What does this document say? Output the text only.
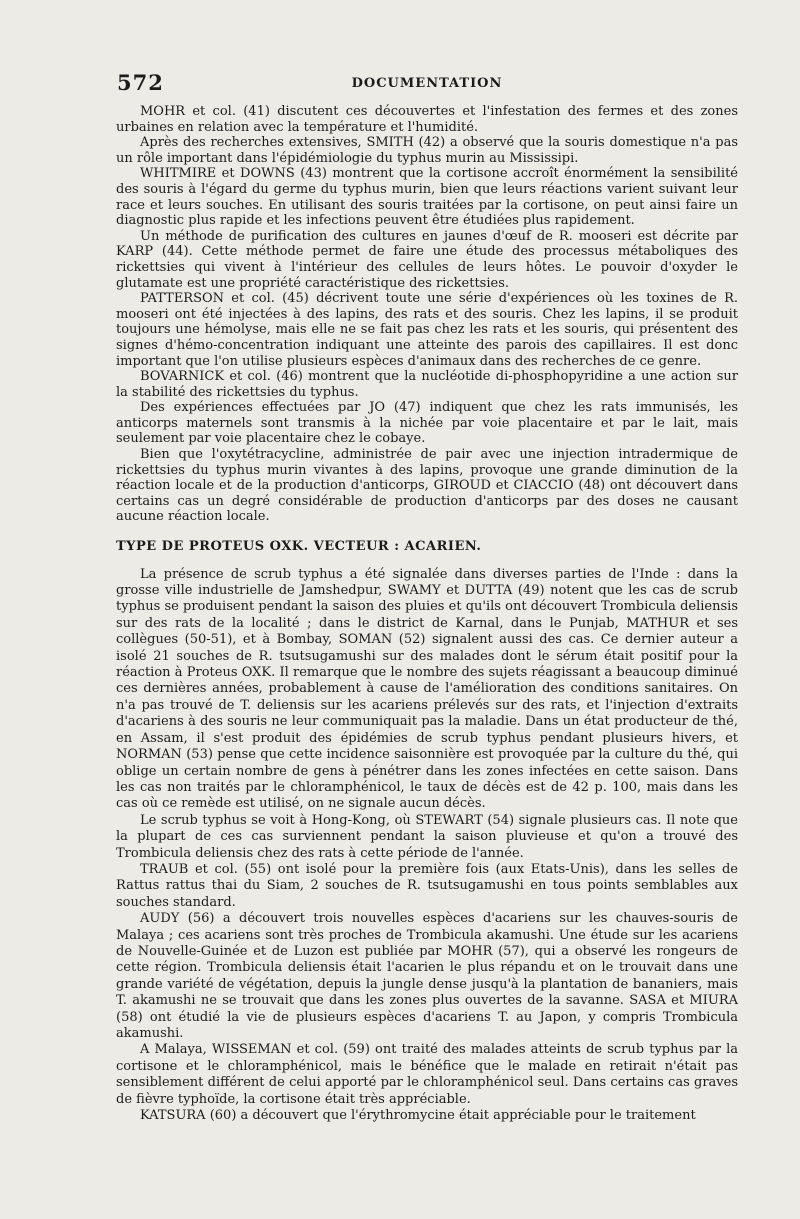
572	DOCUMENTATION

MOHR et col. (41) discutent ces découvertes et l'infestation des fermes et des zones urbaines en relation avec la température et l'humidité.

Après des recherches extensives, SMITH (42) a observé que la souris domestique n'a pas un rôle important dans l'épidémiologie du typhus murin au Mississipi.

WHITMIRE et DOWNS (43) montrent que la cortisone accroît énormément la sensibilité des souris à l'égard du germe du typhus murin, bien que leurs réactions varient suivant leur race et leurs souches. En utilisant des souris traitées par la cortisone, on peut ainsi faire un diagnostic plus rapide et les infections peuvent être étudiées plus rapidement.

Un méthode de purification des cultures en jaunes d'œuf de R. mooseri est décrite par KARP (44). Cette méthode permet de faire une étude des processus métaboliques des rickettsies qui vivent à l'intérieur des cellules de leurs hôtes. Le pouvoir d'oxyder le glutamate est une propriété caractéristique des rickettsies.

PATTERSON et col. (45) décrivent toute une série d'expériences où les toxines de R. mooseri ont été injectées à des lapins, des rats et des souris. Chez les lapins, il se produit toujours une hémolyse, mais elle ne se fait pas chez les rats et les souris, qui présentent des signes d'hémo-concentration indiquant une atteinte des parois des capillaires. Il est donc important que l'on utilise plusieurs espèces d'animaux dans des recherches de ce genre.

BOVARNICK et col. (46) montrent que la nucléotide di-phosphopyridine a une action sur la stabilité des rickettsies du typhus.

Des expériences effectuées par JO (47) indiquent que chez les rats immunisés, les anticorps maternels sont transmis à la nichée par voie placentaire et par le lait, mais seulement par voie placentaire chez le cobaye.

Bien que l'oxytétracycline, administrée de pair avec une injection intradermique de rickettsies du typhus murin vivantes à des lapins, provoque une grande diminution de la réaction locale et de la production d'anticorps, GIROUD et CIACCIO (48) ont découvert dans certains cas un degré considérable de production d'anticorps par des doses ne causant aucune réaction locale.

TYPE DE PROTEUS OXK. VECTEUR : ACARIEN.

La présence de scrub typhus a été signalée dans diverses parties de l'Inde : dans la grosse ville industrielle de Jamshedpur, SWAMY et DUTTA (49) notent que les cas de scrub typhus se produisent pendant la saison des pluies et qu'ils ont découvert Trombicula deliensis sur des rats de la localité ; dans le district de Karnal, dans le Punjab, MATHUR et ses collègues (50-51), et à Bombay, SOMAN (52) signalent aussi des cas. Ce dernier auteur a isolé 21 souches de R. tsutsugamushi sur des malades dont le sérum était positif pour la réaction à Proteus OXK. Il remarque que le nombre des sujets réagissant a beaucoup diminué ces dernières années, probablement à cause de l'amélioration des conditions sanitaires. On n'a pas trouvé de T. deliensis sur les acariens prélevés sur des rats, et l'injection d'extraits d'acariens à des souris ne leur communiquait pas la maladie. Dans un état producteur de thé, en Assam, il s'est produit des épidémies de scrub typhus pendant plusieurs hivers, et NORMAN (53) pense que cette incidence saisonnière est provoquée par la culture du thé, qui oblige un certain nombre de gens à pénétrer dans les zones infectées en cette saison. Dans les cas non traités par le chloramphénicol, le taux de décès est de 42 p. 100, mais dans les cas où ce remède est utilisé, on ne signale aucun décès.

Le scrub typhus se voit à Hong-Kong, où STEWART (54) signale plusieurs cas. Il note que la plupart de ces cas surviennent pendant la saison pluvieuse et qu'on a trouvé des Trombicula deliensis chez des rats à cette période de l'année.

TRAUB et col. (55) ont isolé pour la première fois (aux Etats-Unis), dans les selles de Rattus rattus thai du Siam, 2 souches de R. tsutsugamushi en tous points semblables aux souches standard.

AUDY (56) a découvert trois nouvelles espèces d'acariens sur les chauves-souris de Malaya ; ces acariens sont très proches de Trombicula akamushi. Une étude sur les acariens de Nouvelle-Guinée et de Luzon est publiée par MOHR (57), qui a observé les rongeurs de cette région. Trombicula deliensis était l'acarien le plus répandu et on le trouvait dans une grande variété de végétation, depuis la jungle dense jusqu'à la plantation de bananiers, mais T. akamushi ne se trouvait que dans les zones plus ouvertes de la savanne. SASA et MIURA (58) ont étudié la vie de plusieurs espèces d'acariens T. au Japon, y compris Trombicula akamushi.

A Malaya, WISSEMAN et col. (59) ont traité des malades atteints de scrub typhus par la cortisone et le chloramphénicol, mais le bénéfice que le malade en retirait n'était pas sensiblement différent de celui apporté par le chloramphénicol seul. Dans certains cas graves de fièvre typhoïde, la cortisone était très appréciable.

KATSURA (60) a découvert que l'érythromycine était appréciable pour le traitement
